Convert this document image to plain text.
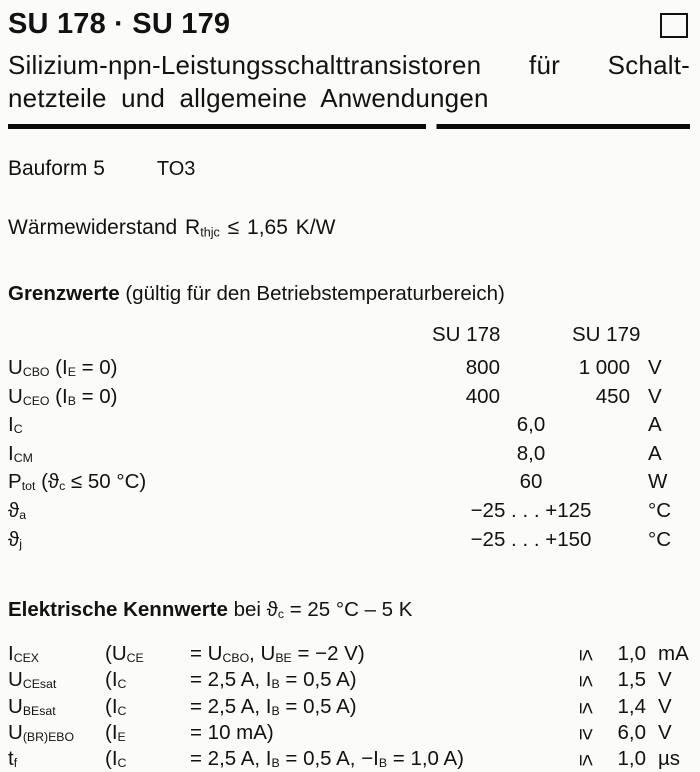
SU 178 · SU 179
Silizium-npn-Leistungsschalttransistoren für Schalt-
netzteile und allgemeine Anwendungen
Bauform 5	TO3
Wärmewiderstand $R_{thjc} \le 1,65$ K/W
Grenzwerte (gültig für den Betriebstemperaturbereich)
SU 178	SU 179
$U_{CBO}$ $(I_E = 0)$	800	1 000 V
$U_{CEO}$ $(I_B = 0)$	400	450 V
$I_C$	6,0	A
$I_{CM}$	8,0	A
$P_{tot}$ ($ϑ_c \le 50$ °C)	60	W
$ϑ_a$	−25 . . . +125	°C
$ϑ_j$	−25 . . . +150	°C
Elektrische Kennwerte bei $ϑ_c = 25$ °C – 5 K
$I_{CEX}$	($U_{CE}$	= $U_{CBO}$, $U_{BE} = -2$ V)	≤ 1,0 mA
$U_{CEsat}$	($I_C$	= 2,5 A, $I_B = 0,5$ A)	≤ 1,5 V
$U_{BEsat}$	($I_C$	= 2,5 A, $I_B = 0,5$ A)	≤ 1,4 V
$U_{(BR)EBO}$	($I_E$	= 10 mA)	≥ 6,0 V
$t_f$	($I_C$	= 2,5 A, $I_B = 0,5$ A, $-I_B = 1,0$ A)	≤ 1,0 µs
